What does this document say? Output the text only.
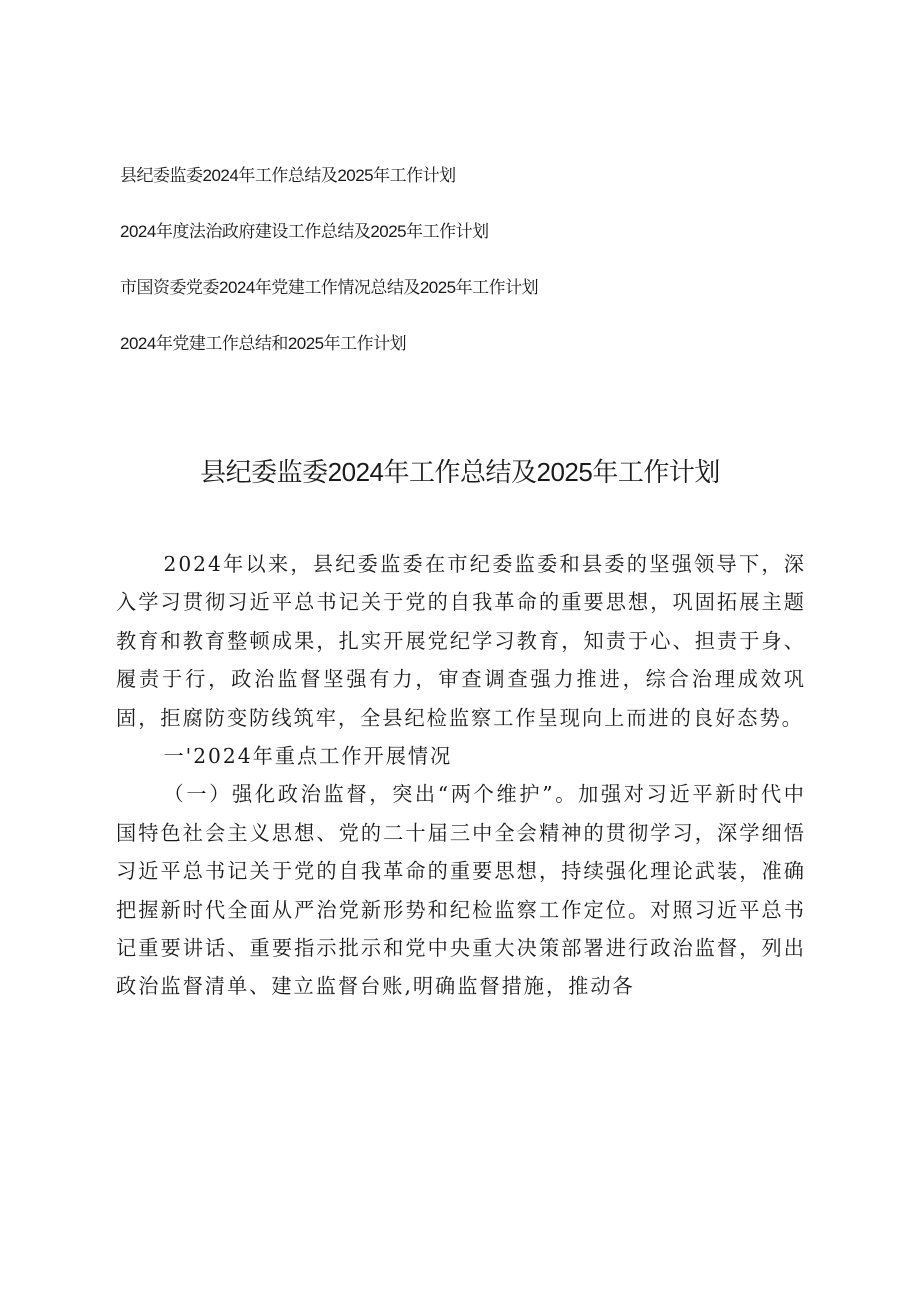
县纪委监委2024年工作总结及2025年工作计划
2024年度法治政府建设工作总结及2025年工作计划
市国资委党委2024年党建工作情况总结及2025年工作计划
2024年党建工作总结和2025年工作计划
县纪委监委2024年工作总结及2025年工作计划

2024年以来，县纪委监委在市纪委监委和县委的坚强领导下，深入学习贯彻习近平总书记关于党的自我革命的重要思想，巩固拓展主题教育和教育整顿成果，扎实开展党纪学习教育，知责于心、担责于身、履责于行，政治监督坚强有力，审查调查强力推进，综合治理成效巩固，拒腐防变防线筑牢，全县纪检监察工作呈现向上而进的良好态势。

一'2024年重点工作开展情况

（一）强化政治监督，突出“两个维护”。加强对习近平新时代中国特色社会主义思想、党的二十届三中全会精神的贯彻学习，深学细悟习近平总书记关于党的自我革命的重要思想，持续强化理论武装，准确把握新时代全面从严治党新形势和纪检监察工作定位。对照习近平总书记重要讲话、重要指示批示和党中央重大决策部署进行政治监督，列出政治监督清单、建立监督台账,明确监督措施，推动各
